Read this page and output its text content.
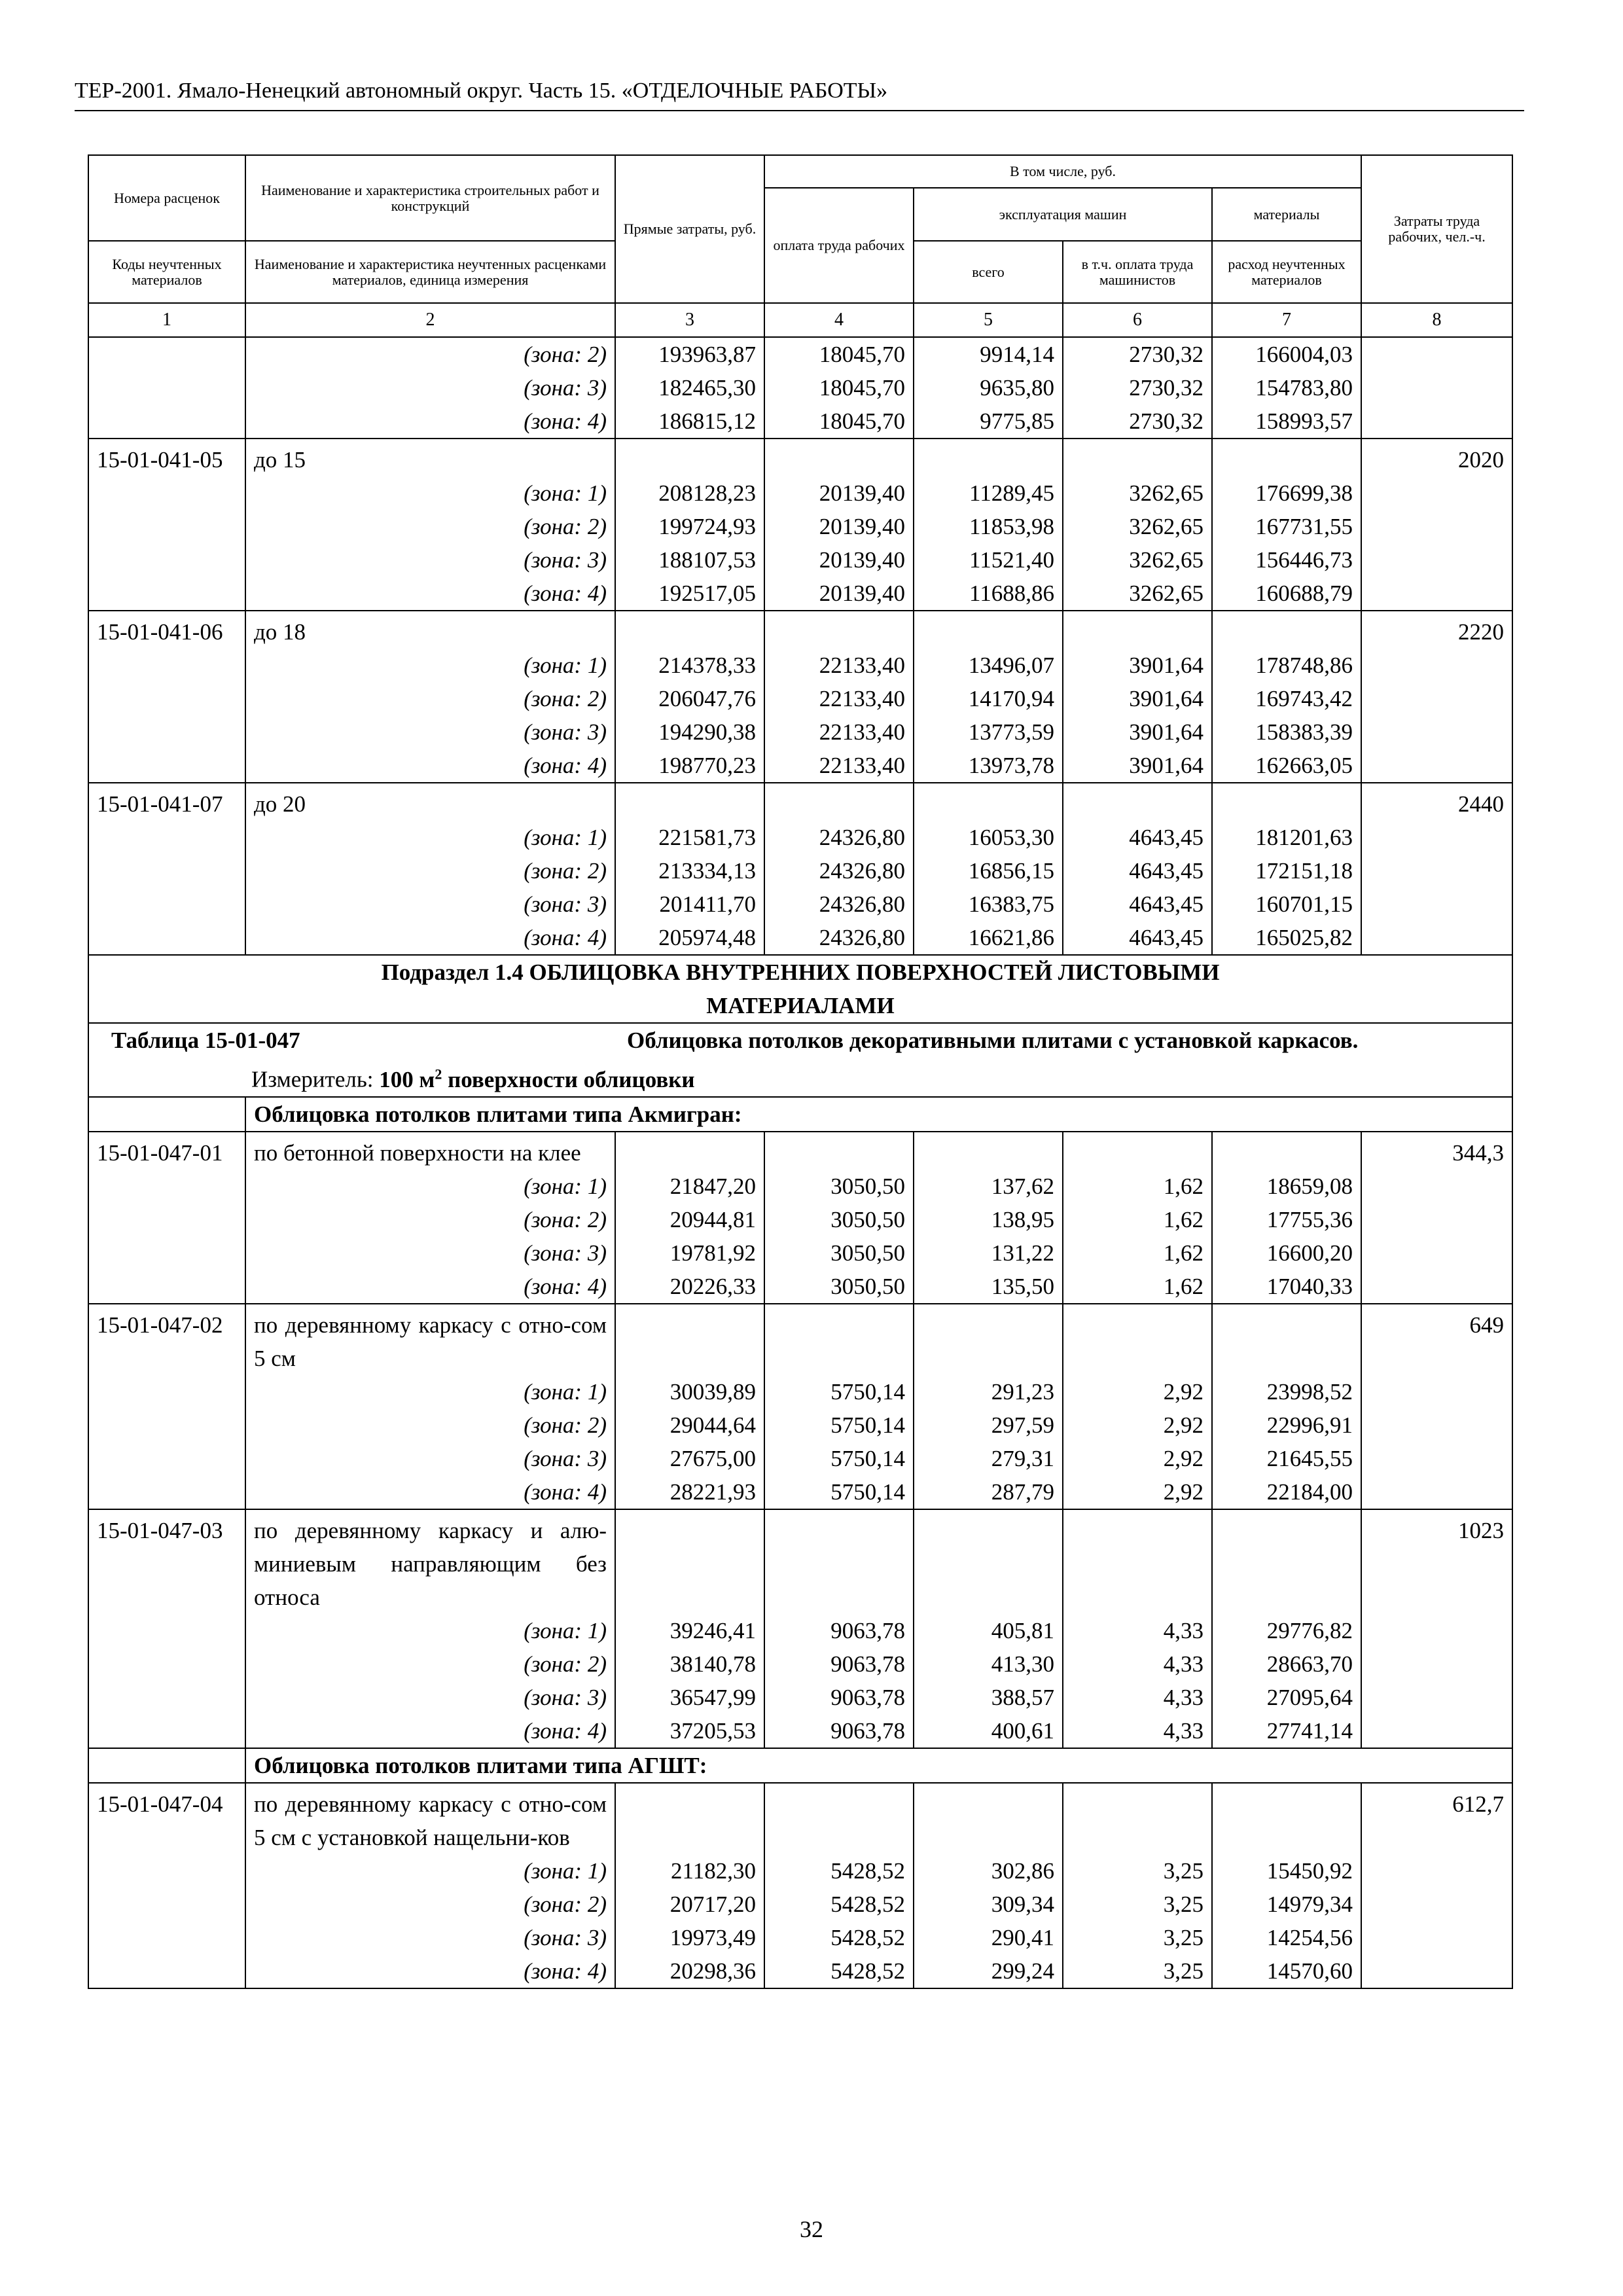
ТЕР-2001. Ямало-Ненецкий автономный округ. Часть 15. «ОТДЕЛОЧНЫЕ РАБОТЫ»
Номера расценок	Наименование и характеристика строительных работ и конструкций	Прямые затраты, руб.	В том числе, руб.				Затраты труда рабочих, чел.-ч.
			оплата труда рабочих	эксплуатация машин		материалы	
Коды неучтенных материалов	Наименование и характеристика неучтенных расценками материалов, единица измерения			всего	в т.ч. оплата труда машинистов	расход неучтенных материалов	
1	2	3	4	5	6	7	8
	(зона: 2)	193963,87	18045,70	9914,14	2730,32	166004,03	
	(зона: 3)	182465,30	18045,70	9635,80	2730,32	154783,80	
	(зона: 4)	186815,12	18045,70	9775,85	2730,32	158993,57	
15-01-041-05	до 15						2020
	(зона: 1)	208128,23	20139,40	11289,45	3262,65	176699,38	
	(зона: 2)	199724,93	20139,40	11853,98	3262,65	167731,55	
	(зона: 3)	188107,53	20139,40	11521,40	3262,65	156446,73	
	(зона: 4)	192517,05	20139,40	11688,86	3262,65	160688,79	
15-01-041-06	до 18						2220
	(зона: 1)	214378,33	22133,40	13496,07	3901,64	178748,86	
	(зона: 2)	206047,76	22133,40	14170,94	3901,64	169743,42	
	(зона: 3)	194290,38	22133,40	13773,59	3901,64	158383,39	
	(зона: 4)	198770,23	22133,40	13973,78	3901,64	162663,05	
15-01-041-07	до 20						2440
	(зона: 1)	221581,73	24326,80	16053,30	4643,45	181201,63	
	(зона: 2)	213334,13	24326,80	16856,15	4643,45	172151,18	
	(зона: 3)	201411,70	24326,80	16383,75	4643,45	160701,15	
	(зона: 4)	205974,48	24326,80	16621,86	4643,45	165025,82	

Подраздел 1.4 ОБЛИЦОВКА ВНУТРЕННИХ ПОВЕРХНОСТЕЙ ЛИСТОВЫМИ
МАТЕРИАЛАМИ							

Таблица 15-01-047 Облицовка потолков декоративными плитами с установкой каркасов.							
Измеритель: 100 $м^2$ поверхности облицовки							
	Облицовка потолков плитами типа Акмигран:						
15-01-047-01	по бетонной поверхности на клее						344,3
	(зона: 1)	21847,20	3050,50	137,62	1,62	18659,08	
	(зона: 2)	20944,81	3050,50	138,95	1,62	17755,36	
	(зона: 3)	19781,92	3050,50	131,22	1,62	16600,20	
	(зона: 4)	20226,33	3050,50	135,50	1,62	17040,33	
15-01-047-02	по деревянному каркасу с отно-сом 5 см						649
	(зона: 1)	30039,89	5750,14	291,23	2,92	23998,52	
	(зона: 2)	29044,64	5750,14	297,59	2,92	22996,91	
	(зона: 3)	27675,00	5750,14	279,31	2,92	21645,55	
	(зона: 4)	28221,93	5750,14	287,79	2,92	22184,00	
15-01-047-03	по деревянному каркасу и алю-миниевым направляющим без относа						1023
	(зона: 1)	39246,41	9063,78	405,81	4,33	29776,82	
	(зона: 2)	38140,78	9063,78	413,30	4,33	28663,70	
	(зона: 3)	36547,99	9063,78	388,57	4,33	27095,64	
	(зона: 4)	37205,53	9063,78	400,61	4,33	27741,14	
	Облицовка потолков плитами типа АГШТ:						
15-01-047-04	по деревянному каркасу с отно-сом 5 см с установкой нащельни-ков						612,7
	(зона: 1)	21182,30	5428,52	302,86	3,25	15450,92	
	(зона: 2)	20717,20	5428,52	309,34	3,25	14979,34	
	(зона: 3)	19973,49	5428,52	290,41	3,25	14254,56	
	(зона: 4)	20298,36	5428,52	299,24	3,25	14570,60	
32
